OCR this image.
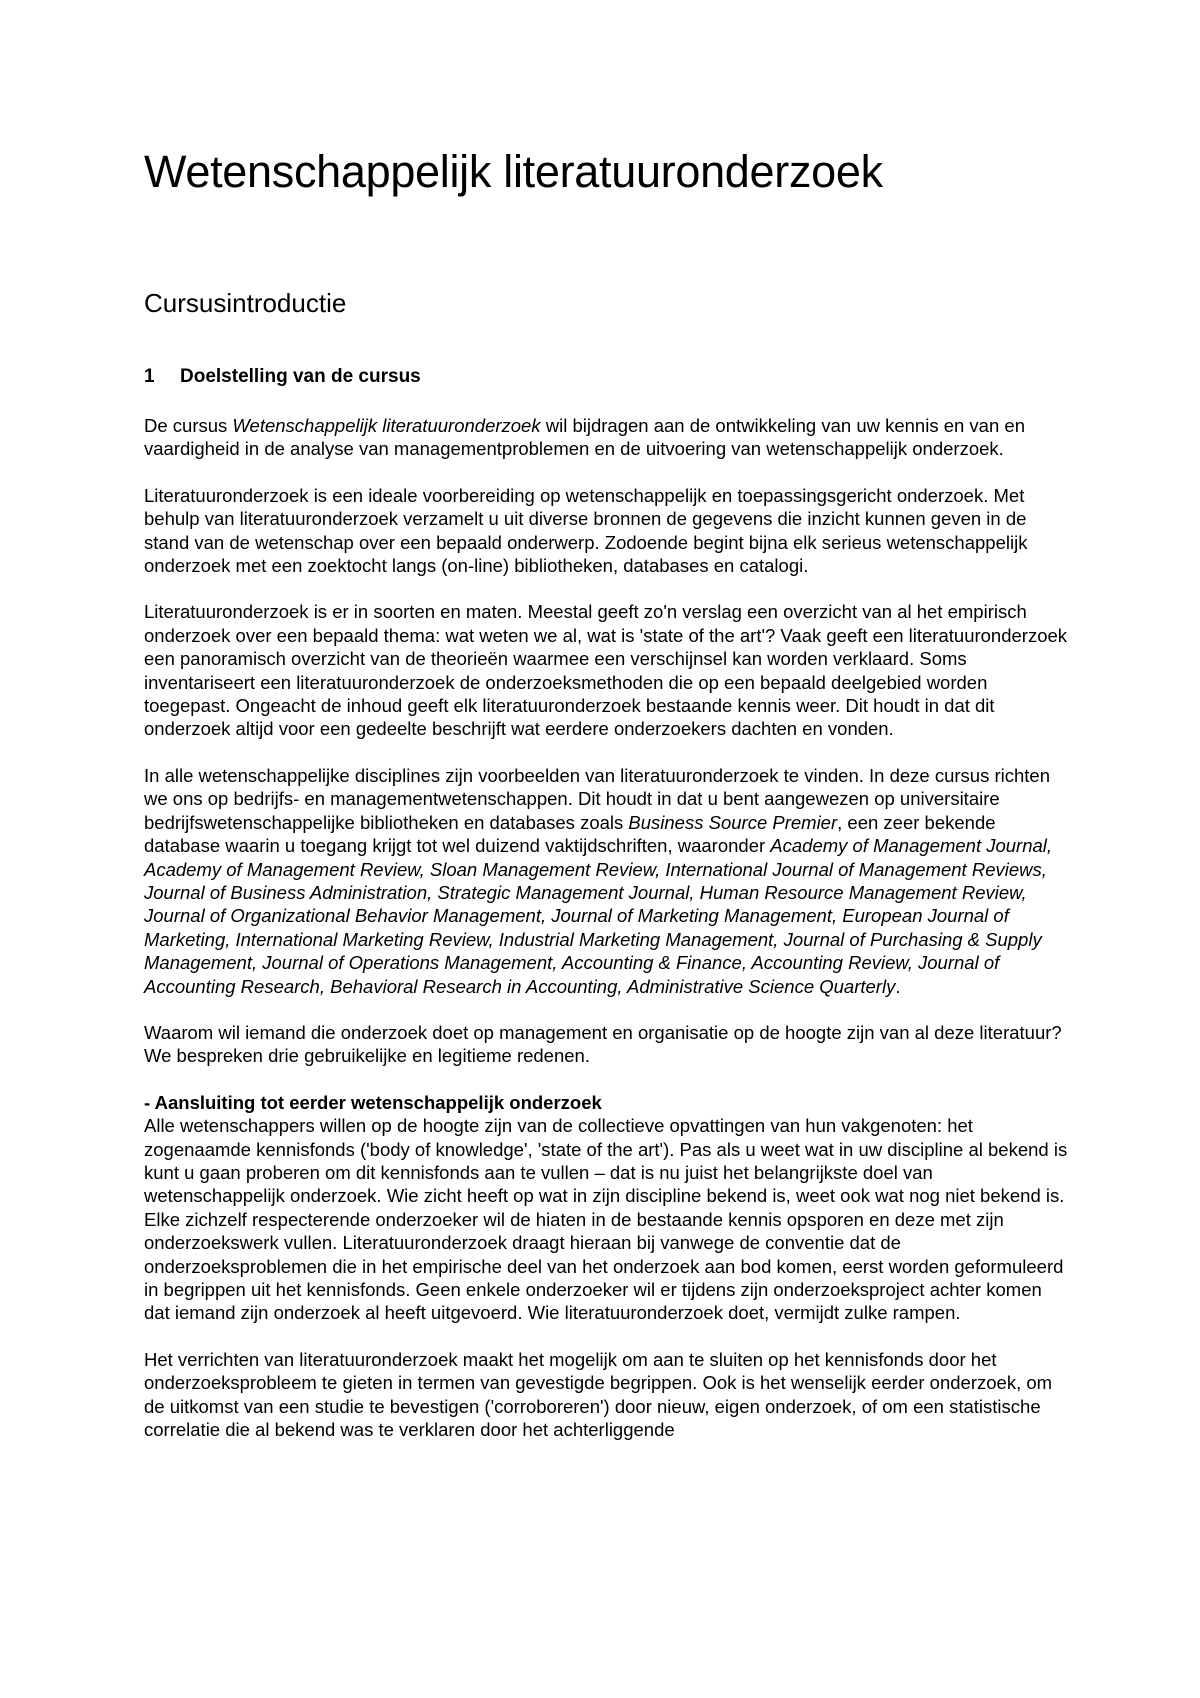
Wetenschappelijk literatuuronderzoek
Cursusintroductie
1 Doelstelling van de cursus

De cursus Wetenschappelijk literatuuronderzoek wil bijdragen aan de ontwikkeling van uw kennis en van en vaardigheid in de analyse van managementproblemen en de uitvoering van wetenschappelijk onderzoek.

Literatuuronderzoek is een ideale voorbereiding op wetenschappelijk en toepassingsgericht onderzoek. Met behulp van literatuuronderzoek verzamelt u uit diverse bronnen de gegevens die inzicht kunnen geven in de stand van de wetenschap over een bepaald onderwerp. Zodoende begint bijna elk serieus wetenschappelijk onderzoek met een zoektocht langs (on-line) bibliotheken, databases en catalogi.

Literatuuronderzoek is er in soorten en maten. Meestal geeft zo'n verslag een overzicht van al het empirisch onderzoek over een bepaald thema: wat weten we al, wat is 'state of the art'? Vaak geeft een literatuuronderzoek een panoramisch overzicht van de theorieën waarmee een verschijnsel kan worden verklaard. Soms inventariseert een literatuuronderzoek de onderzoeksmethoden die op een bepaald deelgebied worden toegepast. Ongeacht de inhoud geeft elk literatuuronderzoek bestaande kennis weer. Dit houdt in dat dit onderzoek altijd voor een gedeelte beschrijft wat eerdere onderzoekers dachten en vonden.

In alle wetenschappelijke disciplines zijn voorbeelden van literatuuronderzoek te vinden. In deze cursus richten we ons op bedrijfs- en managementwetenschappen. Dit houdt in dat u bent aangewezen op universitaire bedrijfswetenschappelijke bibliotheken en databases zoals Business Source Premier, een zeer bekende database waarin u toegang krijgt tot wel duizend vaktijdschriften, waaronder Academy of Management Journal, Academy of Management Review, Sloan Management Review, International Journal of Management Reviews, Journal of Business Administration, Strategic Management Journal, Human Resource Management Review, Journal of Organizational Behavior Management, Journal of Marketing Management, European Journal of Marketing, International Marketing Review, Industrial Marketing Management, Journal of Purchasing & Supply Management, Journal of Operations Management, Accounting & Finance, Accounting Review, Journal of Accounting Research, Behavioral Research in Accounting, Administrative Science Quarterly.

Waarom wil iemand die onderzoek doet op management en organisatie op de hoogte zijn van al deze literatuur? We bespreken drie gebruikelijke en legitieme redenen.

- Aansluiting tot eerder wetenschappelijk onderzoek

Alle wetenschappers willen op de hoogte zijn van de collectieve opvattingen van hun vakgenoten: het zogenaamde kennisfonds ('body of knowledge', 'state of the art'). Pas als u weet wat in uw discipline al bekend is kunt u gaan proberen om dit kennisfonds aan te vullen – dat is nu juist het belangrijkste doel van wetenschappelijk onderzoek. Wie zicht heeft op wat in zijn discipline bekend is, weet ook wat nog niet bekend is. Elke zichzelf respecterende onderzoeker wil de hiaten in de bestaande kennis opsporen en deze met zijn onderzoekswerk vullen. Literatuuronderzoek draagt hieraan bij vanwege de conventie dat de onderzoeksproblemen die in het empirische deel van het onderzoek aan bod komen, eerst worden geformuleerd in begrippen uit het kennisfonds. Geen enkele onderzoeker wil er tijdens zijn onderzoeksproject achter komen dat iemand zijn onderzoek al heeft uitgevoerd. Wie literatuuronderzoek doet, vermijdt zulke rampen.

Het verrichten van literatuuronderzoek maakt het mogelijk om aan te sluiten op het kennisfonds door het onderzoeksprobleem te gieten in termen van gevestigde begrippen. Ook is het wenselijk eerder onderzoek, om de uitkomst van een studie te bevestigen ('corroboreren') door nieuw, eigen onderzoek, of om een statistische correlatie die al bekend was te verklaren door het achterliggende
